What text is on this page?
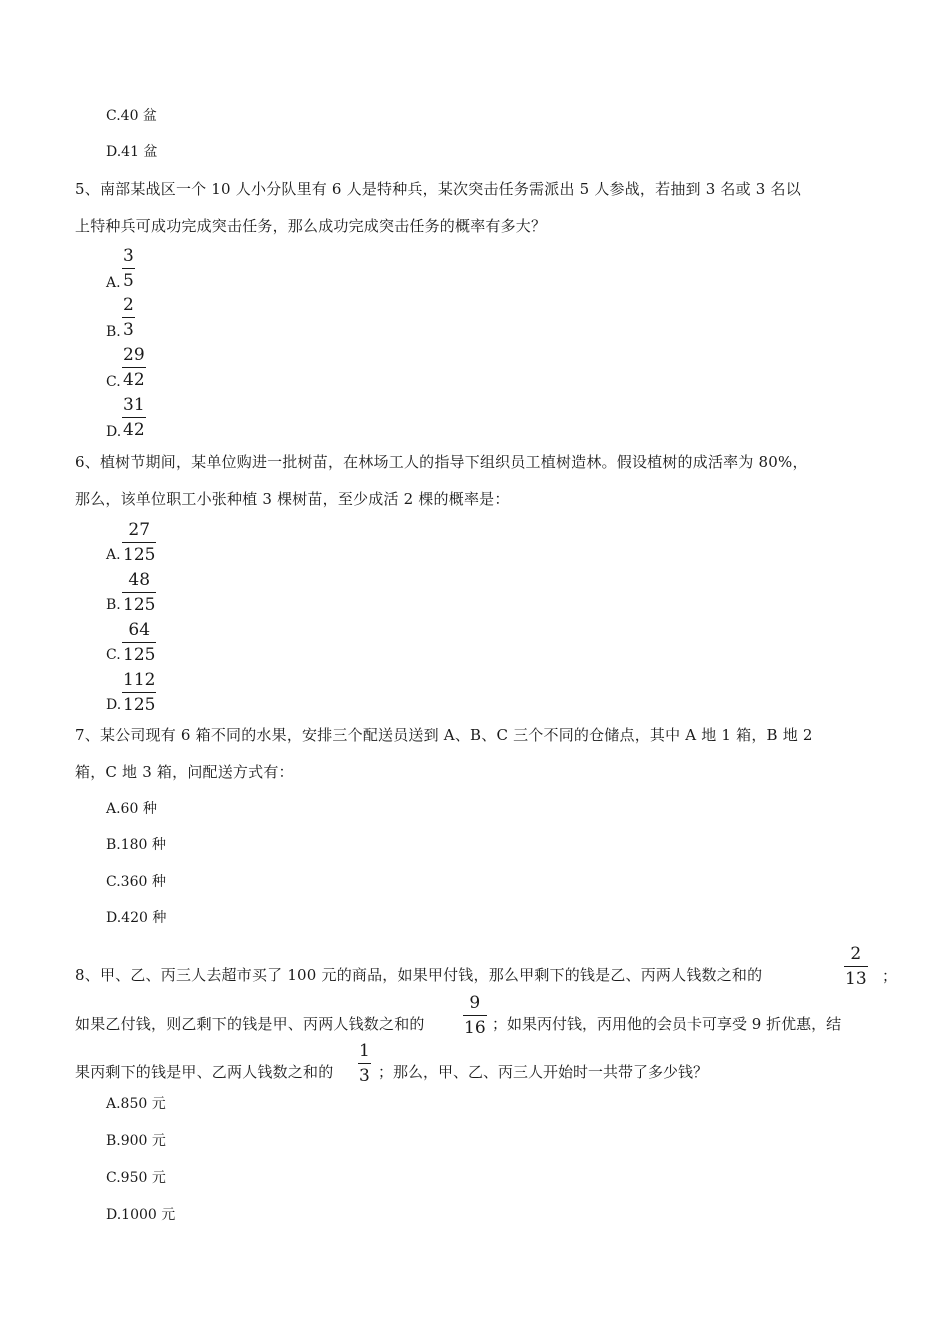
C.40 盆
D.41 盆
5、南部某战区一个 10 人小分队里有 6 人是特种兵，某次突击任务需派出 5 人参战，若抽到 3 名或 3 名以
上特种兵可成功完成突击任务，那么成功完成突击任务的概率有多大？
A. $\frac{3}{5}$
B. $\frac{2}{3}$
C. $\frac{29}{42}$
D. $\frac{31}{42}$
6、植树节期间，某单位购进一批树苗，在林场工人的指导下组织员工植树造林。假设植树的成活率为 80%，
那么，该单位职工小张种植 3 棵树苗，至少成活 2 棵的概率是：
A. $\frac{27}{125}$
B. $\frac{48}{125}$
C. $\frac{64}{125}$
D. $\frac{112}{125}$
7、某公司现有 6 箱不同的水果，安排三个配送员送到 A、B、C 三个不同的仓储点，其中 A 地 1 箱，B 地 2
箱，C 地 3 箱，问配送方式有：
A.60 种
B.180 种
C.360 种
D.420 种
8、甲、乙、丙三人去超市买了 100 元的商品，如果甲付钱，那么甲剩下的钱是乙、丙两人钱数之和的	$\frac{2}{13}$ ；
如果乙付钱，则乙剩下的钱是甲、丙两人钱数之和的	$\frac{9}{16}$ ；如果丙付钱，丙用他的会员卡可享受 9 折优惠，结
果丙剩下的钱是甲、乙两人钱数之和的	$\frac{1}{3}$ ；那么，甲、乙、丙三人开始时一共带了多少钱？
A.850 元
B.900 元
C.950 元
D.1000 元
